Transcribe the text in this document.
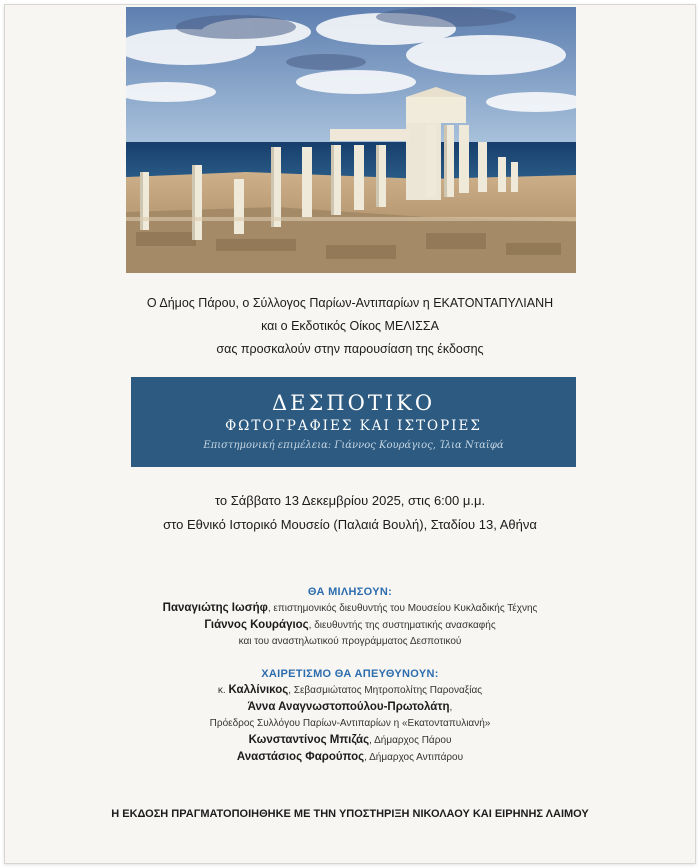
Ο Δήμος Πάρου, ο Σύλλογος Παρίων-Αντιπαρίων η ΕΚΑΤΟΝΤΑΠΥΛΙΑΝΗ
και ο Εκδοτικός Οίκος ΜΕΛΙΣΣΑ
σας προσκαλούν στην παρουσίαση της έκδοσης
ΔΕΣΠΟΤΙΚΟ
ΦΩΤΟΓΡΑΦΙΕΣ ΚΑΙ ΙΣΤΟΡΙΕΣ
Επιστημονική επιμέλεια: Γιάννος Κουράγιος, Ίλια Νταϊφά
το Σάββατο 13 Δεκεμβρίου 2025, στις 6:00 μ.μ.
στο Εθνικό Ιστορικό Μουσείο (Παλαιά Βουλή), Σταδίου 13, Αθήνα
ΘΑ ΜΙΛΗΣΟΥΝ:
Παναγιώτης Ιωσήφ, επιστημονικός διευθυντής του Μουσείου Κυκλαδικής Τέχνης
Γιάννος Κουράγιος, διευθυντής της συστηματικής ανασκαφής
και του αναστηλωτικού προγράμματος Δεσποτικού
ΧΑΙΡΕΤΙΣΜΟ ΘΑ ΑΠΕΥΘΥΝΟΥΝ:
κ. Καλλίνικος, Σεβασμιώτατος Μητροπολίτης Παροναξίας
Άννα Αναγνωστοπούλου-Πρωτολάτη,
Πρόεδρος Συλλόγου Παρίων-Αντιπαρίων η «Εκατονταπυλιανή»
Κωνσταντίνος Μπιζάς, Δήμαρχος Πάρου
Αναστάσιος Φαρούπος, Δήμαρχος Αντιπάρου
Η ΕΚΔΟΣΗ ΠΡΑΓΜΑΤΟΠΟΙΗΘΗΚΕ ΜΕ ΤΗΝ ΥΠΟΣΤΗΡΙΞΗ ΝΙΚΟΛΑΟΥ ΚΑΙ ΕΙΡΗΝΗΣ ΛΑΙΜΟΥ
